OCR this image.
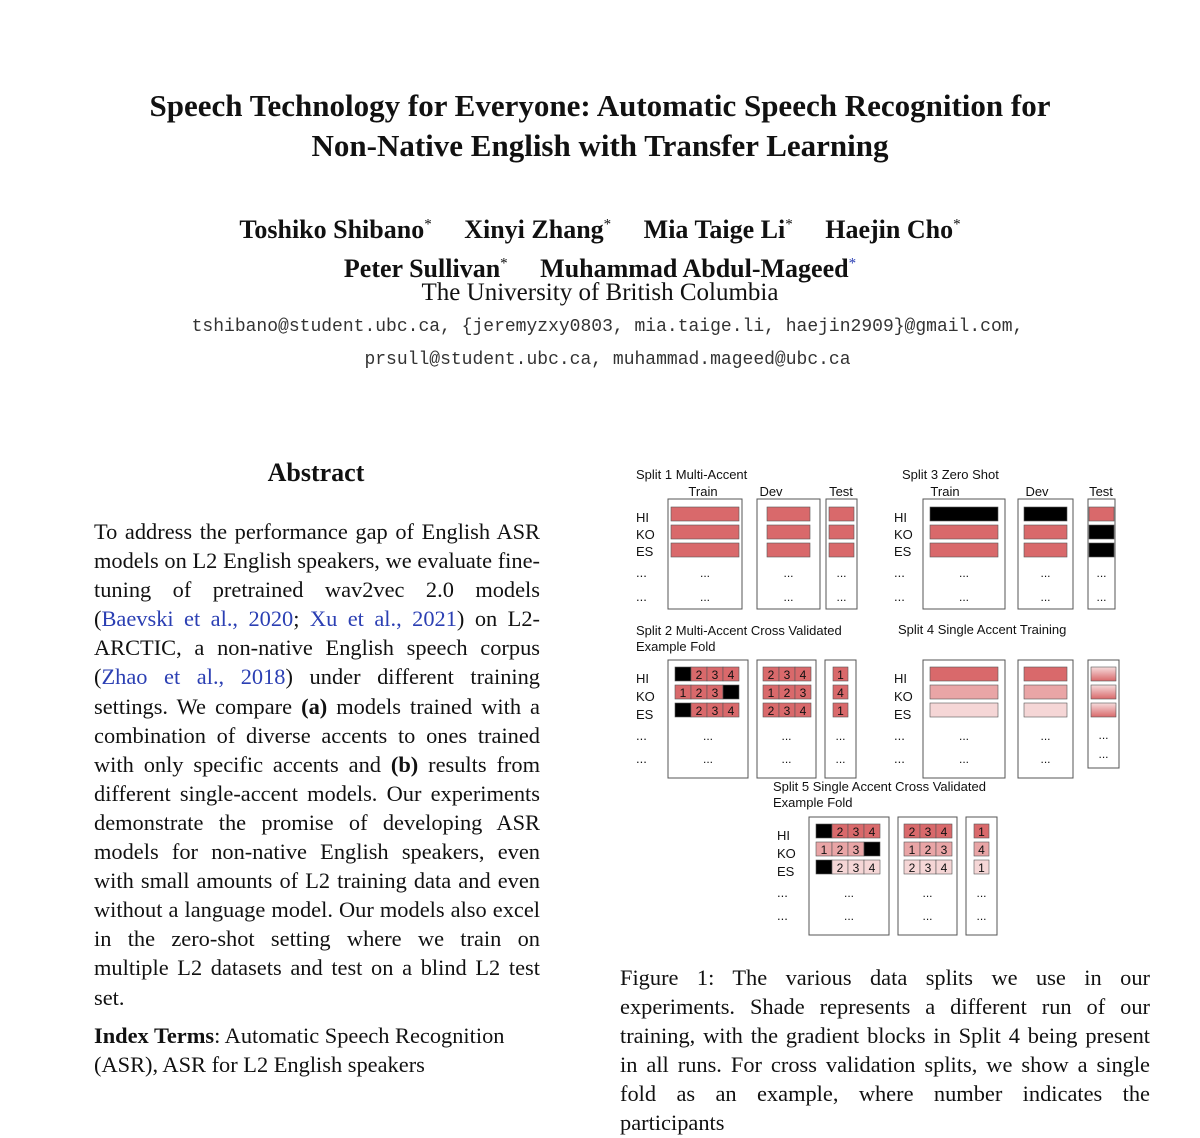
Speech Technology for Everyone: Automatic Speech Recognition for
Non-Native English with Transfer Learning
Toshiko Shibano* Xinyi Zhang* Mia Taige Li* Haejin Cho*
Peter Sullivan* Muhammad Abdul-Mageed*
The University of British Columbia
tshibano@student.ubc.ca, {jeremyzxy0803, mia.taige.li, haejin2909}@gmail.com,
prsull@student.ubc.ca, muhammad.mageed@ubc.ca
Abstract
To address the performance gap of English ASR models on L2 English speakers, we evaluate fine-tuning of pretrained wav2vec 2.0 models (Baevski et al., 2020; Xu et al., 2021) on L2-ARCTIC, a non-native English speech corpus (Zhao et al., 2018) under different training settings. We compare (a) models trained with a combination of diverse accents to ones trained with only specific accents and (b) results from different single-accent models. Our experiments demonstrate the promise of developing ASR models for non-native English speakers, even with small amounts of L2 training data and even without a language model. Our models also excel in the zero-shot setting where we train on multiple L2 datasets and test on a blind L2 test set.
Index Terms: Automatic Speech Recognition (ASR), ASR for L2 English speakers
Split 1 Multi-Accent
Train	Dev	Test
Split 3 Zero Shot
Train	Dev	Test
Split 2 Multi-Accent Cross Validated
Example Fold
Split 4 Single Accent Training
Split 5 Single Accent Cross Validated
Example Fold
HI
KO
ES
...
...
...
...
...
...
...
...
HI
KO
ES
...
...
...
...
...
...
...
...
HI
KO
ES
...
...
2 3 4
1 2 3
2 3 4
2 3 4
1 2 3
2 3 4
1
4
1
...
...
...
...
...
...
HI
KO
ES
...
...
2 3 4
1 2 3
2 3 4
2 3 4
1 2 3
2 3 4
1
4
1
...
...
...
...
...
...
HI
KO
ES
...
...
...
...
...
...
...
...
Figure 1: The various data splits we use in our experiments. Shade represents a different run of our training, with the gradient blocks in Split 4 being present in all runs. For cross validation splits, we show a single fold as an example, where number indicates the participants
